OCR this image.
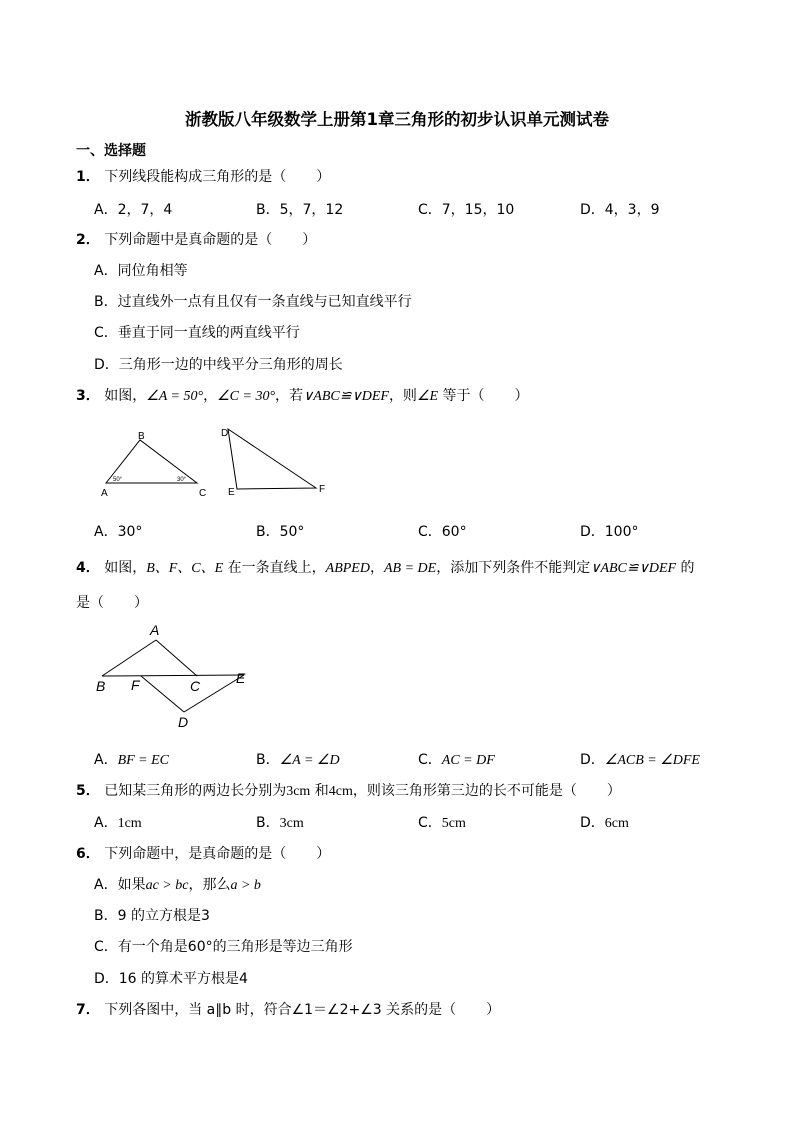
浙教版八年级数学上册第1章三角形的初步认识单元测试卷
一、选择题
1． 下列线段能构成三角形的是（ ）
A．2，7，4	B．5，7，12	C．7，15，10	D．4，3，9
2． 下列命题中是真命题的是（ ）
A．同位角相等
B．过直线外一点有且仅有一条直线与已知直线平行
C．垂直于同一直线的两直线平行
D．三角形一边的中线平分三角形的周长
3． 如图，∠A = 50°，∠C = 30°，若∨ABC≌∨DEF，则∠E 等于（ ）
A
B
C
50°	30°
D
E	F
A．30°	B．50°	C．60°	D．100°
4． 如图，B、F、C、E 在一条直线上，ABPED，AB = DE，添加下列条件不能判定∨ABC≌∨DEF 的
是（ ）
A
B F	C	E
D
A．BF = EC	B．∠A = ∠D	C．AC = DF	D．∠ACB = ∠DFE
5． 已知某三角形的两边长分别为3cm 和4cm，则该三角形第三边的长不可能是（ ）
A．1cm	B．3cm	C．5cm	D．6cm
6． 下列命题中，是真命题的是（ ）
A．如果ac > bc，那么a > b
B．9 的立方根是3
C．有一个角是60°的三角形是等边三角形
D．16 的算术平方根是4
7． 下列各图中，当 a∥b 时，符合∠1＝∠2+∠3 关系的是（ ）
